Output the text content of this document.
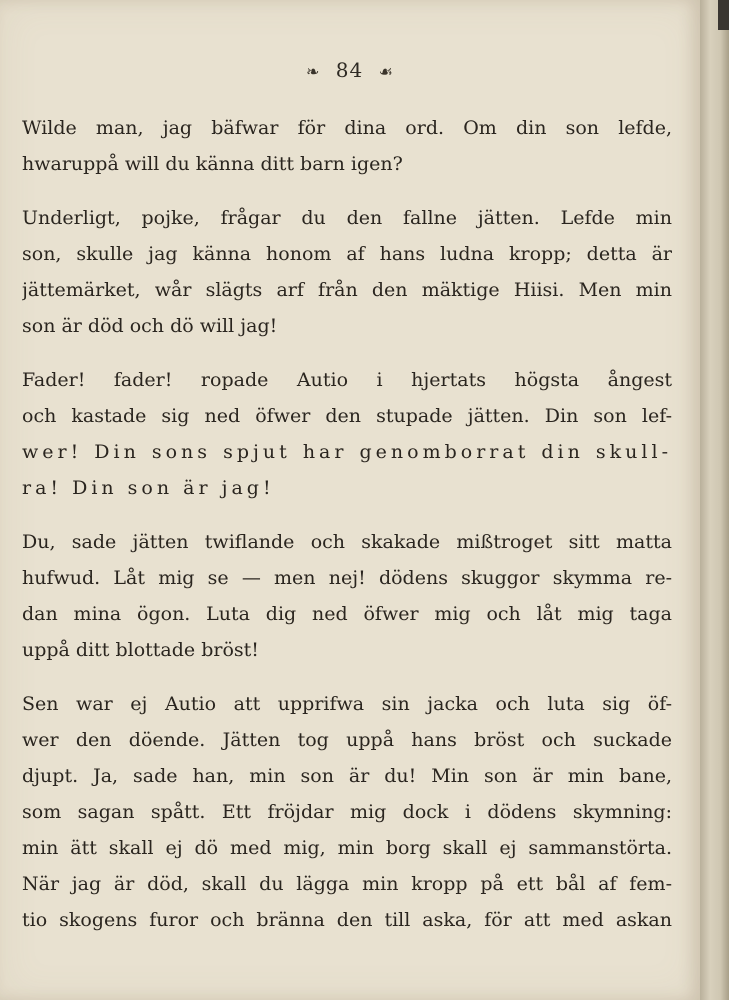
❧ 84 ☙
Wilde man, jag bäfwar för dina ord. Om din son lefde,
hwaruppå will du känna ditt barn igen?
Underligt, pojke, frågar du den fallne jätten. Lefde min
son, skulle jag känna honom af hans ludna kropp; detta är
jättemärket, wår slägts arf från den mäktige Hiisi. Men min
son är död och dö will jag!
Fader! fader! ropade Autio i hjertats högsta ångest
och kastade sig ned öfwer den stupade jätten. Din son lef-
wer! Din sons spjut har genomborrat din skull-
ra! Din son är jag!
Du, sade jätten twiflande och skakade mißtroget sitt matta
hufwud. Låt mig se — men nej! dödens skuggor skymma re-
dan mina ögon. Luta dig ned öfwer mig och låt mig taga
uppå ditt blottade bröst!
Sen war ej Autio att upprifwa sin jacka och luta sig öf-
wer den döende. Jätten tog uppå hans bröst och suckade
djupt. Ja, sade han, min son är du! Min son är min bane,
som sagan spått. Ett fröjdar mig dock i dödens skymning:
min ätt skall ej dö med mig, min borg skall ej sammanstörta.
När jag är död, skall du lägga min kropp på ett bål af fem-
tio skogens furor och bränna den till aska, för att med askan
